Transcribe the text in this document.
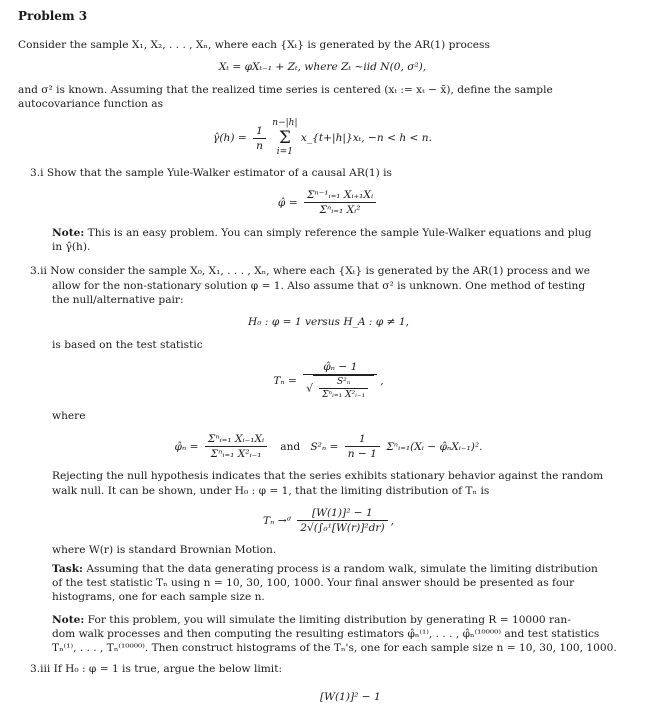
Problem 3
Consider the sample X₁, X₂, . . . , Xₙ, where each {Xₜ} is generated by the AR(1) process
Xₜ = φXₜ₋₁ + Zₜ, where Zₜ ~iid N(0, σ²),
and σ² is known. Assuming that the realized time series is centered (xₜ := xₜ − x̄), define the sample
autocovariance function as
γ̂(h) = $\frac{1}{n}$
n−|h|
Σ
i=1 x_{t+|h|}xₜ, −n < h < n.
3.i Show that the sample Yule-Walker estimator of a causal AR(1) is
φ̂ = $\frac{\text{Σⁿ⁻¹ᵢ₌₁ Xᵢ₊₁Xᵢ}}{\text{Σⁿᵢ₌₁ Xᵢ²}}$
Note: This is an easy problem. You can simply reference the sample Yule-Walker equations and plug
in γ̂(h).
3.ii Now consider the sample X₀, X₁, . . . , Xₙ, where each {Xₜ} is generated by the AR(1) process and we
allow for the non-stationary solution φ = 1. Also assume that σ² is unknown. One method of testing
the null/alternative pair:
H₀ : φ = 1 versus H_A : φ ≠ 1,
is based on the test statistic
$T_n = \frac{\text{φ̂ₙ − 1}}{√ \frac{\text{S²ₙ}}{\text{Σⁿᵢ₌₁ X²ᵢ₋₁}}}$ ,
where
φ̂ₙ = $\frac{\text{Σⁿᵢ₌₁ Xᵢ₋₁Xᵢ}}{\text{Σⁿᵢ₌₁ X²ᵢ₋₁}}$ and $S^2_n = \frac{1}{n - 1}$ Σⁿᵢ₌₁(Xᵢ − φ̂ₙXᵢ₋₁)².
Rejecting the null hypothesis indicates that the series exhibits stationary behavior against the random
walk null. It can be shown, under H₀ : φ = 1, that the limiting distribution of Tₙ is
Tₙ →ᵈ $\frac{\text{[W(1)]² − 1}}{\text{2√(∫₀¹[W(r)]²dr)}}$ ,
where W(r) is standard Brownian Motion.
Task: Assuming that the data generating process is a random walk, simulate the limiting distribution
of the test statistic Tₙ using n = 10, 30, 100, 1000. Your final answer should be presented as four
histograms, one for each sample size n.
Note: For this problem, you will simulate the limiting distribution by generating R = 10000 ran-
dom walk processes and then computing the resulting estimators φ̂ₙ⁽¹⁾, . . . , φ̂ₙ⁽¹⁰⁰⁰⁰⁾ and test statistics
Tₙ⁽¹⁾, . . . , Tₙ⁽¹⁰⁰⁰⁰⁾. Then construct histograms of the Tₙ's, one for each sample size n = 10, 30, 100, 1000.
3.iii If H₀ : φ = 1 is true, argue the below limit:
[W(1)]² − 1
